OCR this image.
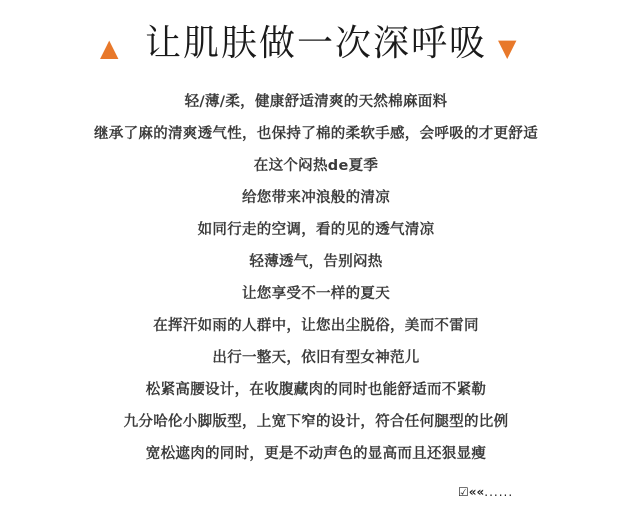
▲ 让肌肤做一次深呼吸 ▼
轻/薄/柔，健康舒适清爽的天然棉麻面料
继承了麻的清爽透气性，也保持了棉的柔软手感，会呼吸的才更舒适
在这个闷热de夏季
给您带来冲浪般的清凉
如同行走的空调，看的见的透气清凉
轻薄透气，告别闷热
让您享受不一样的夏天
在挥汗如雨的人群中，让您出尘脱俗，美而不雷同
出行一整天，依旧有型女神范儿
松紧高腰设计，在收腹藏肉的同时也能舒适而不紧勒
九分哈伦小脚版型，上宽下窄的设计，符合任何腿型的比例
宽松遮肉的同时，更是不动声色的显高而且还狠显瘦
☑««......
